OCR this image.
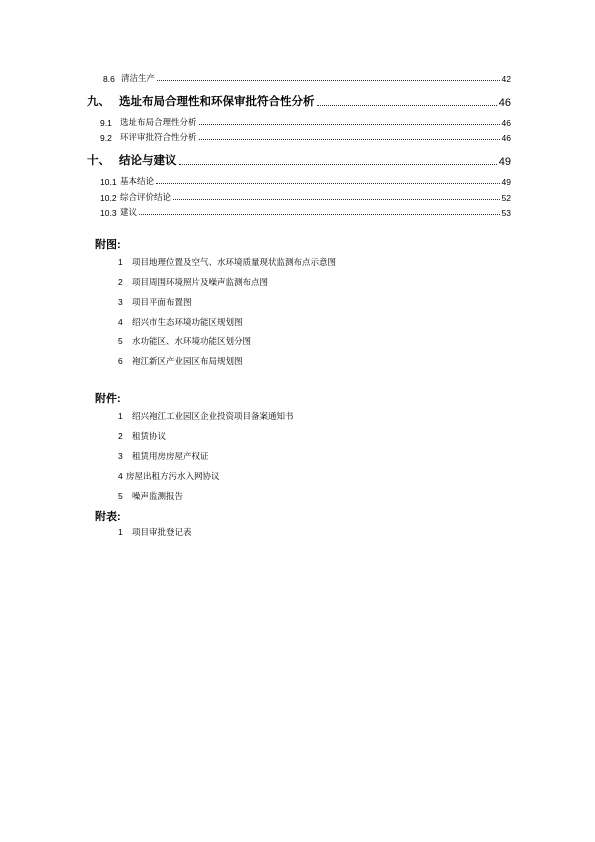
8.6 清洁生产	42
九、 选址布局合理性和环保审批符合性分析	46
9.1 选址布局合理性分析	46
9.2 环评审批符合性分析	46
十、 结论与建议	49
10.1 基本结论	49
10.2 综合评价结论	52
10.3 建议	53
附图:
1 项目地理位置及空气、水环境质量现状监测布点示意图
2 项目周围环境照片及噪声监测布点图
3 项目平面布置图
4 绍兴市生态环境功能区规划图
5 水功能区、水环境功能区划分图
6 袍江新区产业园区布局规划图
附件:
1 绍兴袍江工业园区企业投资项目备案通知书
2 租赁协议
3 租赁用房房屋产权证
4 房屋出租方污水入网协议
5 噪声监测报告
附表:
1 项目审批登记表
